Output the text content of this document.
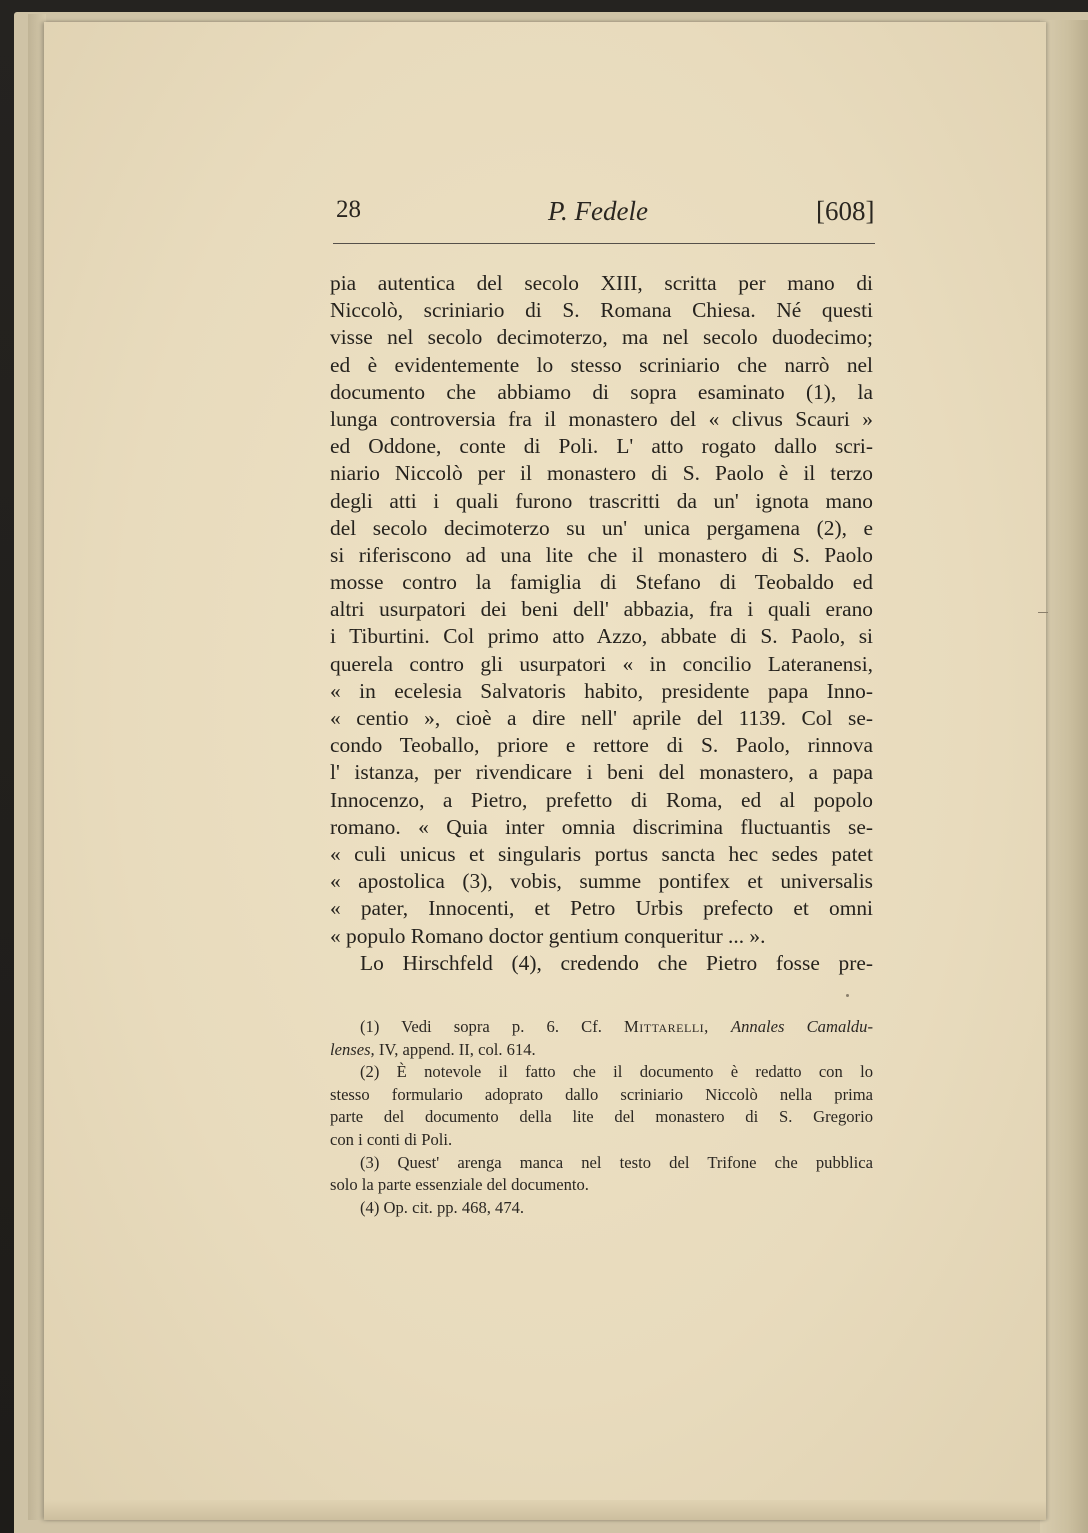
28	P. Fedele	[608]
pia autentica del secolo XIII, scritta per mano di
Niccolò, scriniario di S. Romana Chiesa. Né questi
visse nel secolo decimoterzo, ma nel secolo duodecimo;
ed è evidentemente lo stesso scriniario che narrò nel
documento che abbiamo di sopra esaminato (1), la
lunga controversia fra il monastero del « clivus Scauri »
ed Oddone, conte di Poli. L' atto rogato dallo scri-
niario Niccolò per il monastero di S. Paolo è il terzo
degli atti i quali furono trascritti da un' ignota mano
del secolo decimoterzo su un' unica pergamena (2), e
si riferiscono ad una lite che il monastero di S. Paolo
mosse contro la famiglia di Stefano di Teobaldo ed
altri usurpatori dei beni dell' abbazia, fra i quali erano
i Tiburtini. Col primo atto Azzo, abbate di S. Paolo, si
querela contro gli usurpatori « in concilio Lateranensi,
« in ecelesia Salvatoris habito, presidente papa Inno-
« centio », cioè a dire nell' aprile del 1139. Col se-
condo Teoballo, priore e rettore di S. Paolo, rinnova
l' istanza, per rivendicare i beni del monastero, a papa
Innocenzo, a Pietro, prefetto di Roma, ed al popolo
romano. « Quia inter omnia discrimina fluctuantis se-
« culi unicus et singularis portus sancta hec sedes patet
« apostolica (3), vobis, summe pontifex et universalis
« pater, Innocenti, et Petro Urbis prefecto et omni
« populo Romano doctor gentium conqueritur ... ».
Lo Hirschfeld (4), credendo che Pietro fosse pre-
(1) Vedi sopra p. 6. Cf. Mittarelli, Annales Camaldu-
lenses, IV, append. II, col. 614.
(2) È notevole il fatto che il documento è redatto con lo
stesso formulario adoprato dallo scriniario Niccolò nella prima
parte del documento della lite del monastero di S. Gregorio
con i conti di Poli.
(3) Quest' arenga manca nel testo del Trifone che pubblica
solo la parte essenziale del documento.
(4) Op. cit. pp. 468, 474.
